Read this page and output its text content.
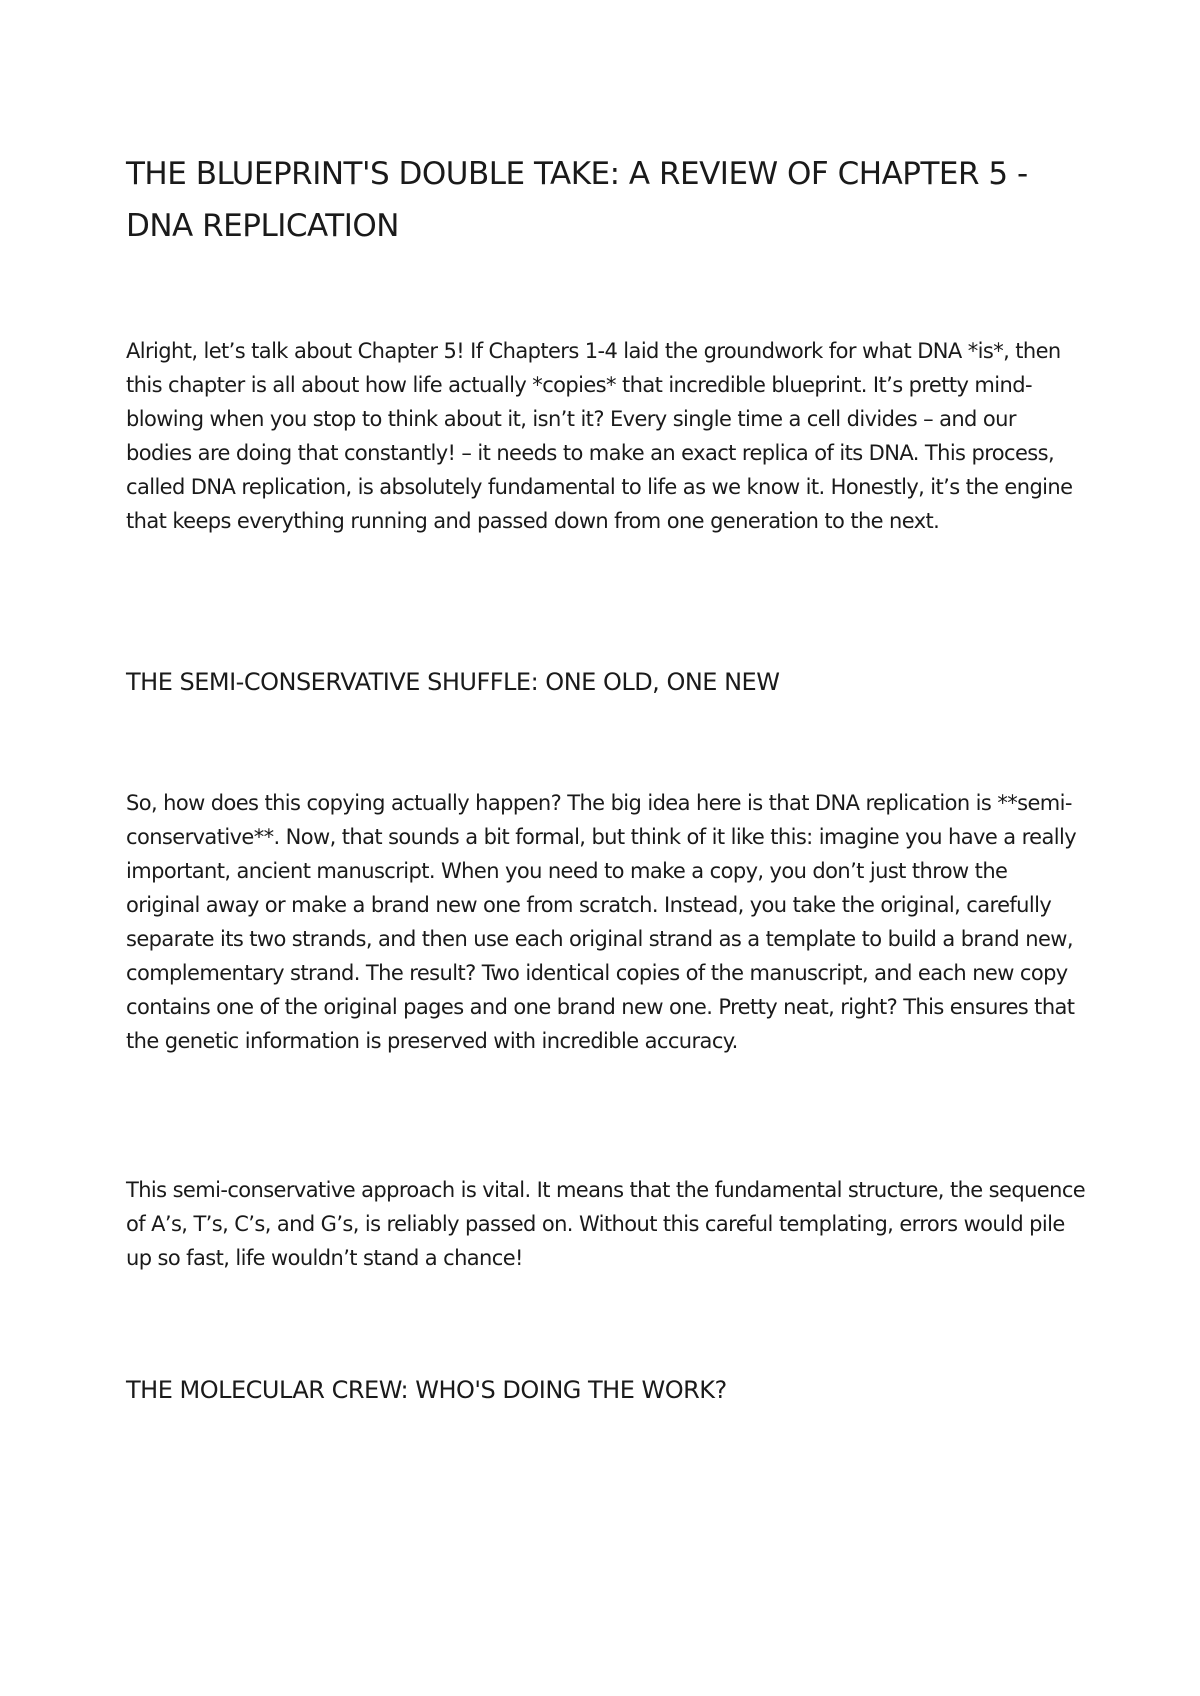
THE BLUEPRINT'S DOUBLE TAKE: A REVIEW OF CHAPTER 5 - DNA REPLICATION

Alright, let’s talk about Chapter 5! If Chapters 1-4 laid the groundwork for what DNA *is*, then this chapter is all about how life actually *copies* that incredible blueprint. It’s pretty mind-blowing when you stop to think about it, isn’t it? Every single time a cell divides – and our bodies are doing that constantly! – it needs to make an exact replica of its DNA. This process, called DNA replication, is absolutely fundamental to life as we know it. Honestly, it’s the engine that keeps everything running and passed down from one generation to the next.

THE SEMI-CONSERVATIVE SHUFFLE: ONE OLD, ONE NEW

So, how does this copying actually happen? The big idea here is that DNA replication is **semi-conservative**. Now, that sounds a bit formal, but think of it like this: imagine you have a really important, ancient manuscript. When you need to make a copy, you don’t just throw the original away or make a brand new one from scratch. Instead, you take the original, carefully separate its two strands, and then use each original strand as a template to build a brand new, complementary strand. The result? Two identical copies of the manuscript, and each new copy contains one of the original pages and one brand new one. Pretty neat, right? This ensures that the genetic information is preserved with incredible accuracy.

This semi-conservative approach is vital. It means that the fundamental structure, the sequence of A’s, T’s, C’s, and G’s, is reliably passed on. Without this careful templating, errors would pile up so fast, life wouldn’t stand a chance!

THE MOLECULAR CREW: WHO'S DOING THE WORK?
